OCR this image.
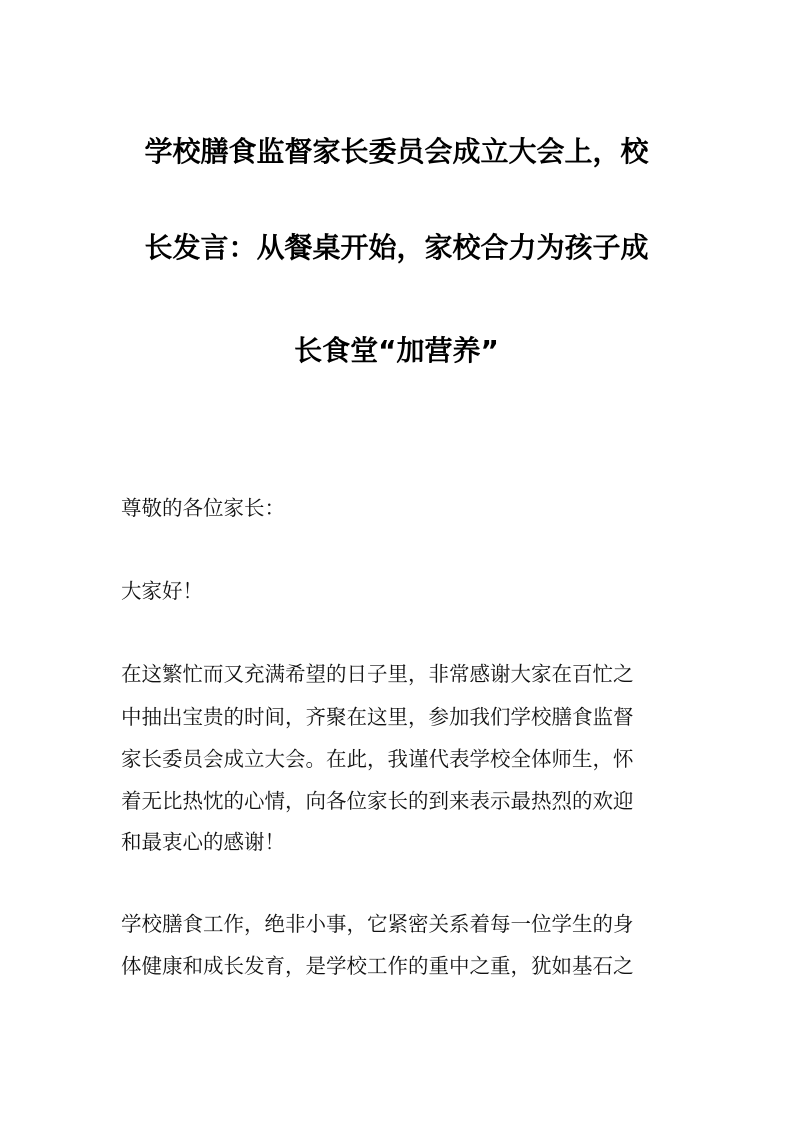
学校膳食监督家长委员会成立大会上，校
长发言：从餐桌开始，家校合力为孩子成
长食堂“加营养”
尊敬的各位家长：
大家好！
在这繁忙而又充满希望的日子里，非常感谢大家在百忙之
中抽出宝贵的时间，齐聚在这里，参加我们学校膳食监督
家长委员会成立大会。在此，我谨代表学校全体师生，怀
着无比热忱的心情，向各位家长的到来表示最热烈的欢迎
和最衷心的感谢！
学校膳食工作，绝非小事，它紧密关系着每一位学生的身
体健康和成长发育，是学校工作的重中之重，犹如基石之
